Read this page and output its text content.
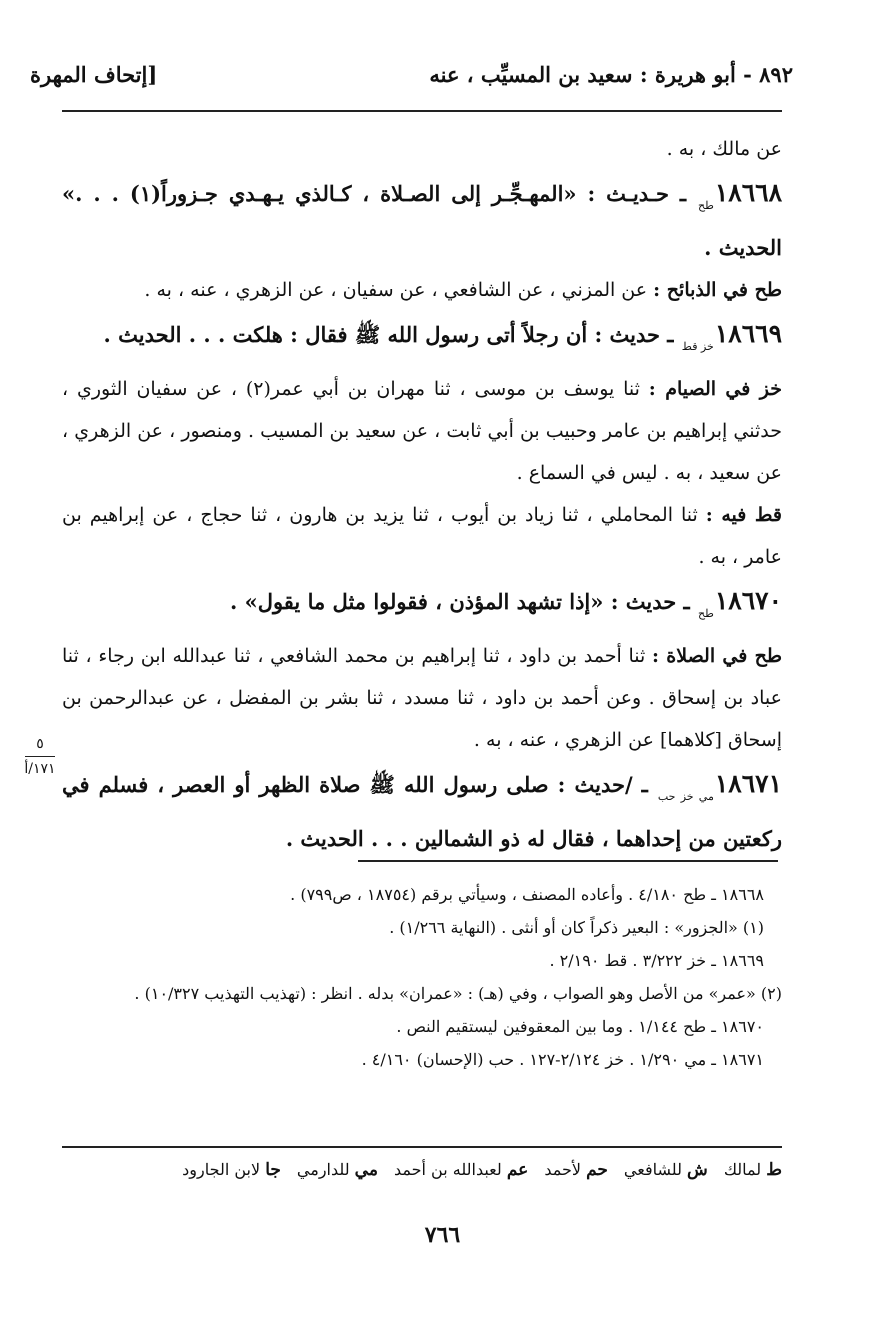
[إتحاف المهرة	٨٩٢ - أبو هريرة : سعيد بن المسيِّب ، عنه

عن مالك ، به .

$١٨٦٦٨_{طح}$ ـ حـديـث : «المهـجِّـر إلى الصـلاة ، كـالذي يـهـدي جـزوراً(١) . . .» الحديث .

طح في الذبائح : عن المزني ، عن الشافعي ، عن سفيان ، عن الزهري ، عنه ، به .

$١٨٦٦٩_{خز قط}$ ـ حديث : أن رجلاً أتى رسول الله ﷺ فقال : هلكت . . . الحديث .

خز في الصيام : ثنا يوسف بن موسى ، ثنا مهران بن أبي عمر(٢) ، عن سفيان الثوري ، حدثني إبراهيم بن عامر وحبيب بن أبي ثابت ، عن سعيد بن المسيب . ومنصور ، عن الزهري ، عن سعيد ، به . ليس في السماع .

قط فيه : ثنا المحاملي ، ثنا زياد بن أيوب ، ثنا يزيد بن هارون ، ثنا حجاج ، عن إبراهيم بن عامر ، به .

$١٨٦٧٠_{طح}$ ـ حديث : «إذا تشهد المؤذن ، فقولوا مثل ما يقول» .

طح في الصلاة : ثنا أحمد بن داود ، ثنا إبراهيم بن محمد الشافعي ، ثنا عبدالله ابن رجاء ، ثنا عباد بن إسحاق . وعن أحمد بن داود ، ثنا مسدد ، ثنا بشر بن المفضل ، عن عبدالرحمن بن إسحاق [كلاهما] عن الزهري ، عنه ، به .

$١٨٦٧١_{مي خز حب}$ ـ /حديث : صلى رسول الله ﷺ صلاة الظهر أو العصر ، فسلم في ركعتين من إحداهما ، فقال له ذو الشمالين . . . الحديث .

٥
١٧١/أ

١٨٦٦٨ ـ طح ٤/١٨٠ . وأعاده المصنف ، وسيأتي برقم (١٨٧٥٤ ، ص٧٩٩) .

(١) «الجزور» : البعير ذكراً كان أو أنثى . (النهاية ١/٢٦٦) .

١٨٦٦٩ ـ خز ٣/٢٢٢ . قط ٢/١٩٠ .

(٢) «عمر» من الأصل وهو الصواب ، وفي (هـ) : «عمران» بدله . انظر : (تهذيب التهذيب ١٠/٣٢٧) .

١٨٦٧٠ ـ طح ١/١٤٤ . وما بين المعقوفين ليستقيم النص .

١٨٦٧١ ـ مي ١/٢٩٠ . خز ٢/١٢٤-١٢٧ . حب (الإحسان) ٤/١٦٠ .

ط لمالك
ش للشافعي
حم لأحمد
عم لعبدالله بن أحمد
مي للدارمي
جا لابن الجارود
٧٦٦
